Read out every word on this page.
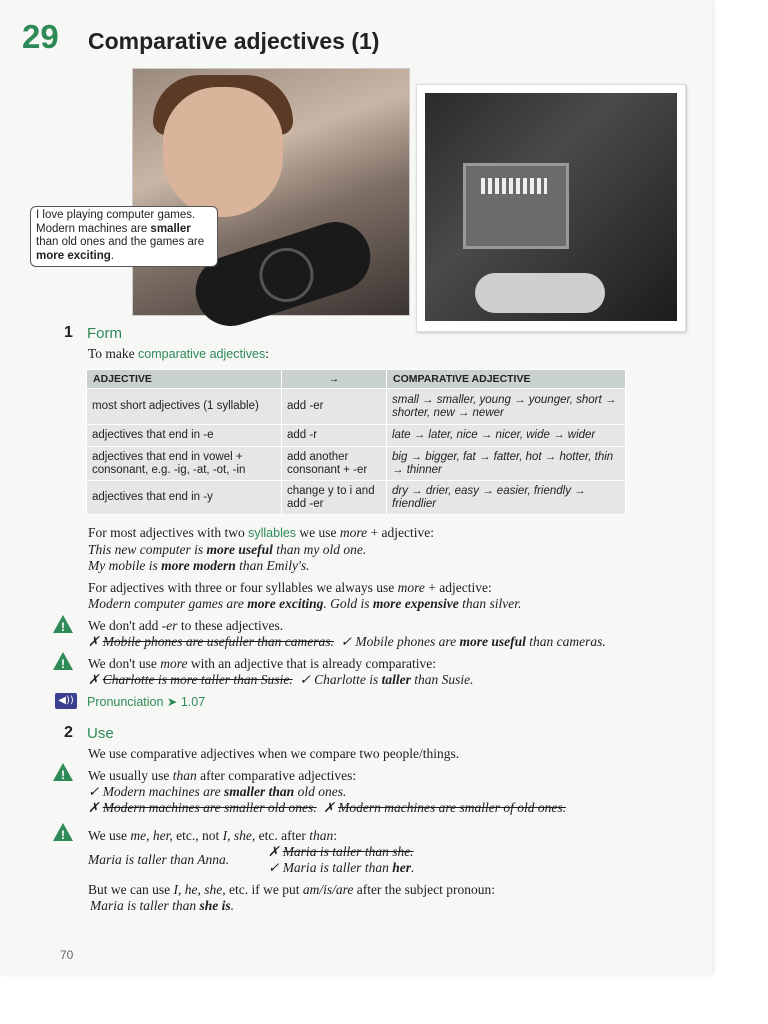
29 Comparative adjectives (1)
I love playing computer games. Modern machines are smaller than old ones and the games are more exciting.
1 Form
To make comparative adjectives:
ADJECTIVE	→	COMPARATIVE ADJECTIVE
most short adjectives (1 syllable)	add -er	small → smaller, young → younger, short → shorter, new → newer
adjectives that end in -e	add -r	late → later, nice → nicer, wide → wider
adjectives that end in vowel + consonant, e.g. -ig, -at, -ot, -in	add another consonant + -er	big → bigger, fat → fatter, hot → hotter, thin → thinner
adjectives that end in -y	change y to i and add -er	dry → drier, easy → easier, friendly → friendlier
For most adjectives with two syllables we use more + adjective:
This new computer is more useful than my old one.
My mobile is more modern than Emily's.
For adjectives with three or four syllables we always use more + adjective:
Modern computer games are more exciting. Gold is more expensive than silver.
! We don't add -er to these adjectives.
✗ Mobile phones are usefuller than cameras. ✓ Mobile phones are more useful than cameras.
! We don't use more with an adjective that is already comparative:
✗ Charlotte is more taller than Susie. ✓ Charlotte is taller than Susie.
◀)) Pronunciation ➤ 1.07
2 Use
We use comparative adjectives when we compare two people/things.
! We usually use than after comparative adjectives:
✓ Modern machines are smaller than old ones.
✗ Modern machines are smaller old ones. ✗ Modern machines are smaller of old ones.
! We use me, her, etc., not I, she, etc. after than:
Maria is taller than Anna.
✗ Maria is taller than she.
✓ Maria is taller than her.
But we can use I, he, she, etc. if we put am/is/are after the subject pronoun:
Maria is taller than she is.
70
